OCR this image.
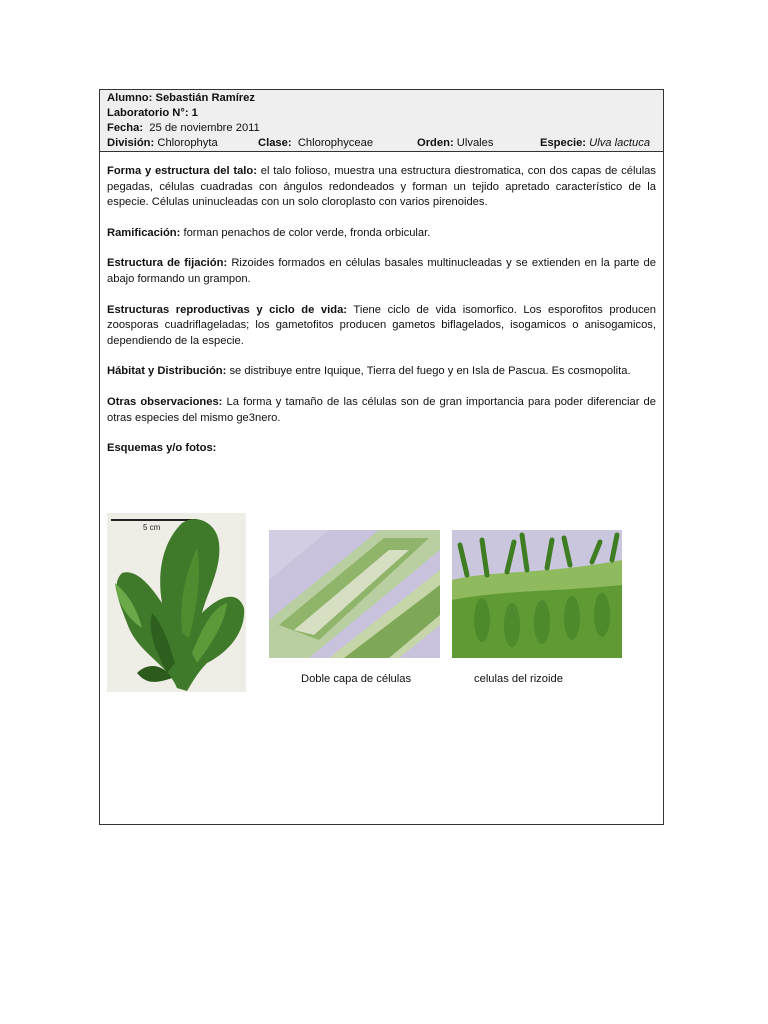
Alumno: Sebastián Ramírez
Laboratorio N°: 1
Fecha: 25 de noviembre 2011
División: Chlorophyta	Clase: Chlorophyceae	Orden: Ulvales	Especie: Ulva lactuca

Forma y estructura del talo: el talo folioso, muestra una estructura diestromatica, con dos capas de células pegadas, células cuadradas con ángulos redondeados y forman un tejido apretado característico de la especie. Células uninucleadas con un solo cloroplasto con varios pirenoides.

Ramificación: forman penachos de color verde, fronda orbicular.

Estructura de fijación: Rizoides formados en células basales multinucleadas y se extienden en la parte de abajo formando un grampon.

Estructuras reproductivas y ciclo de vida: Tiene ciclo de vida isomorfico. Los esporofitos producen zoosporas cuadriflageladas; los gametofitos producen gametos biflagelados, isogamicos o anisogamicos, dependiendo de la especie.

Hábitat y Distribución: se distribuye entre Iquique, Tierra del fuego y en Isla de Pascua. Es cosmopolita.

Otras observaciones: La forma y tamaño de las células son de gran importancia para poder diferenciar de otras especies del mismo ge3nero.

Esquemas y/o fotos:

5 cm
Doble capa de células	celulas del rizoide
